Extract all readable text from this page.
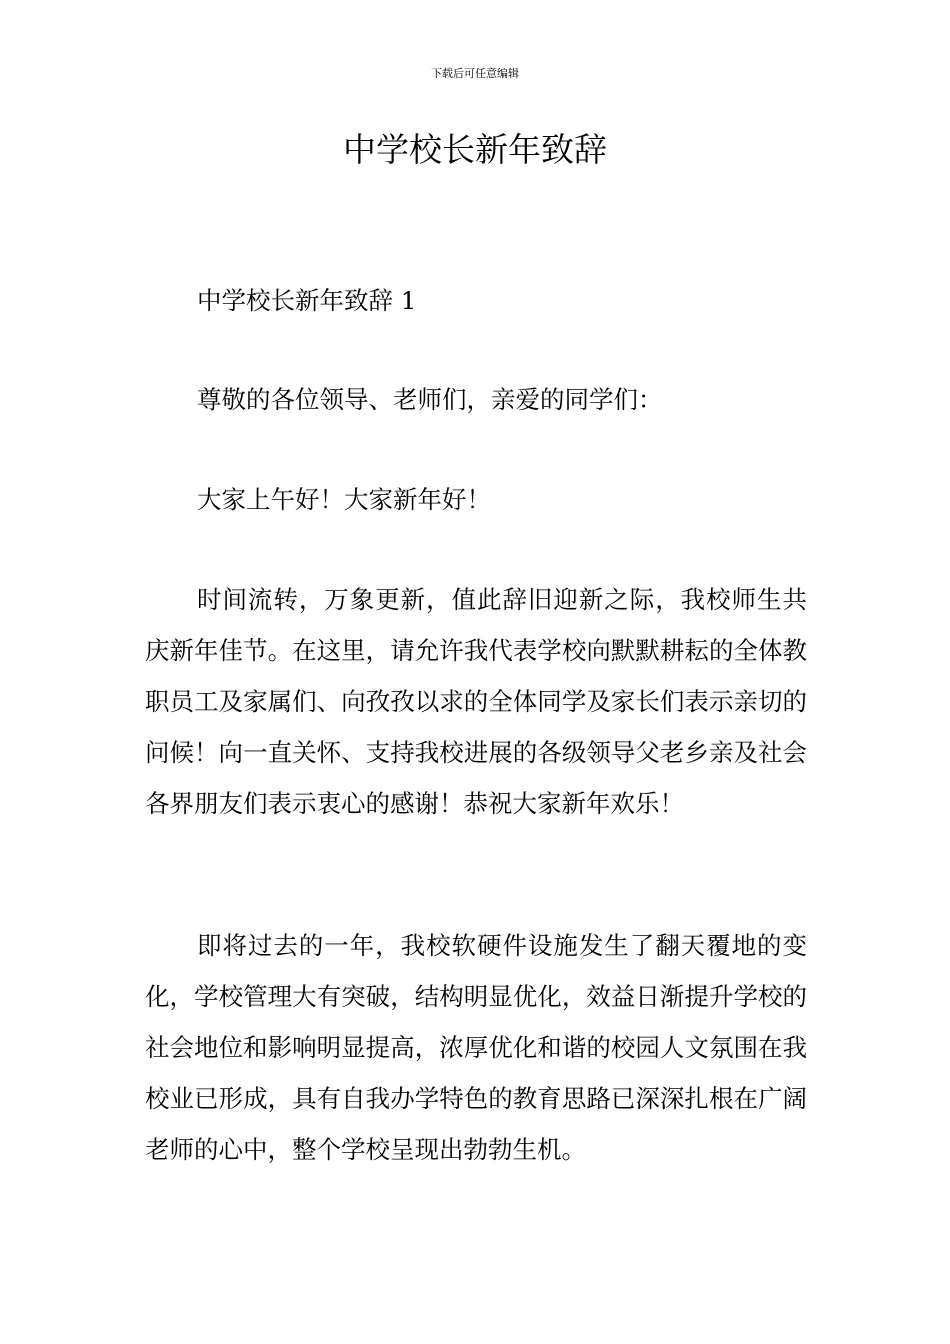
下载后可任意编辑
中学校长新年致辞

中学校长新年致辞 1

尊敬的各位领导、老师们，亲爱的同学们：

大家上午好！大家新年好！

时间流转，万象更新，值此辞旧迎新之际，我校师生共庆新年佳节。在这里，请允许我代表学校向默默耕耘的全体教职员工及家属们、向孜孜以求的全体同学及家长们表示亲切的问候！向一直关怀、支持我校进展的各级领导父老乡亲及社会各界朋友们表示衷心的感谢！恭祝大家新年欢乐！

即将过去的一年，我校软硬件设施发生了翻天覆地的变化，学校管理大有突破，结构明显优化，效益日渐提升学校的社会地位和影响明显提高，浓厚优化和谐的校园人文氛围在我校业已形成，具有自我办学特色的教育思路已深深扎根在广阔老师的心中，整个学校呈现出勃勃生机。
